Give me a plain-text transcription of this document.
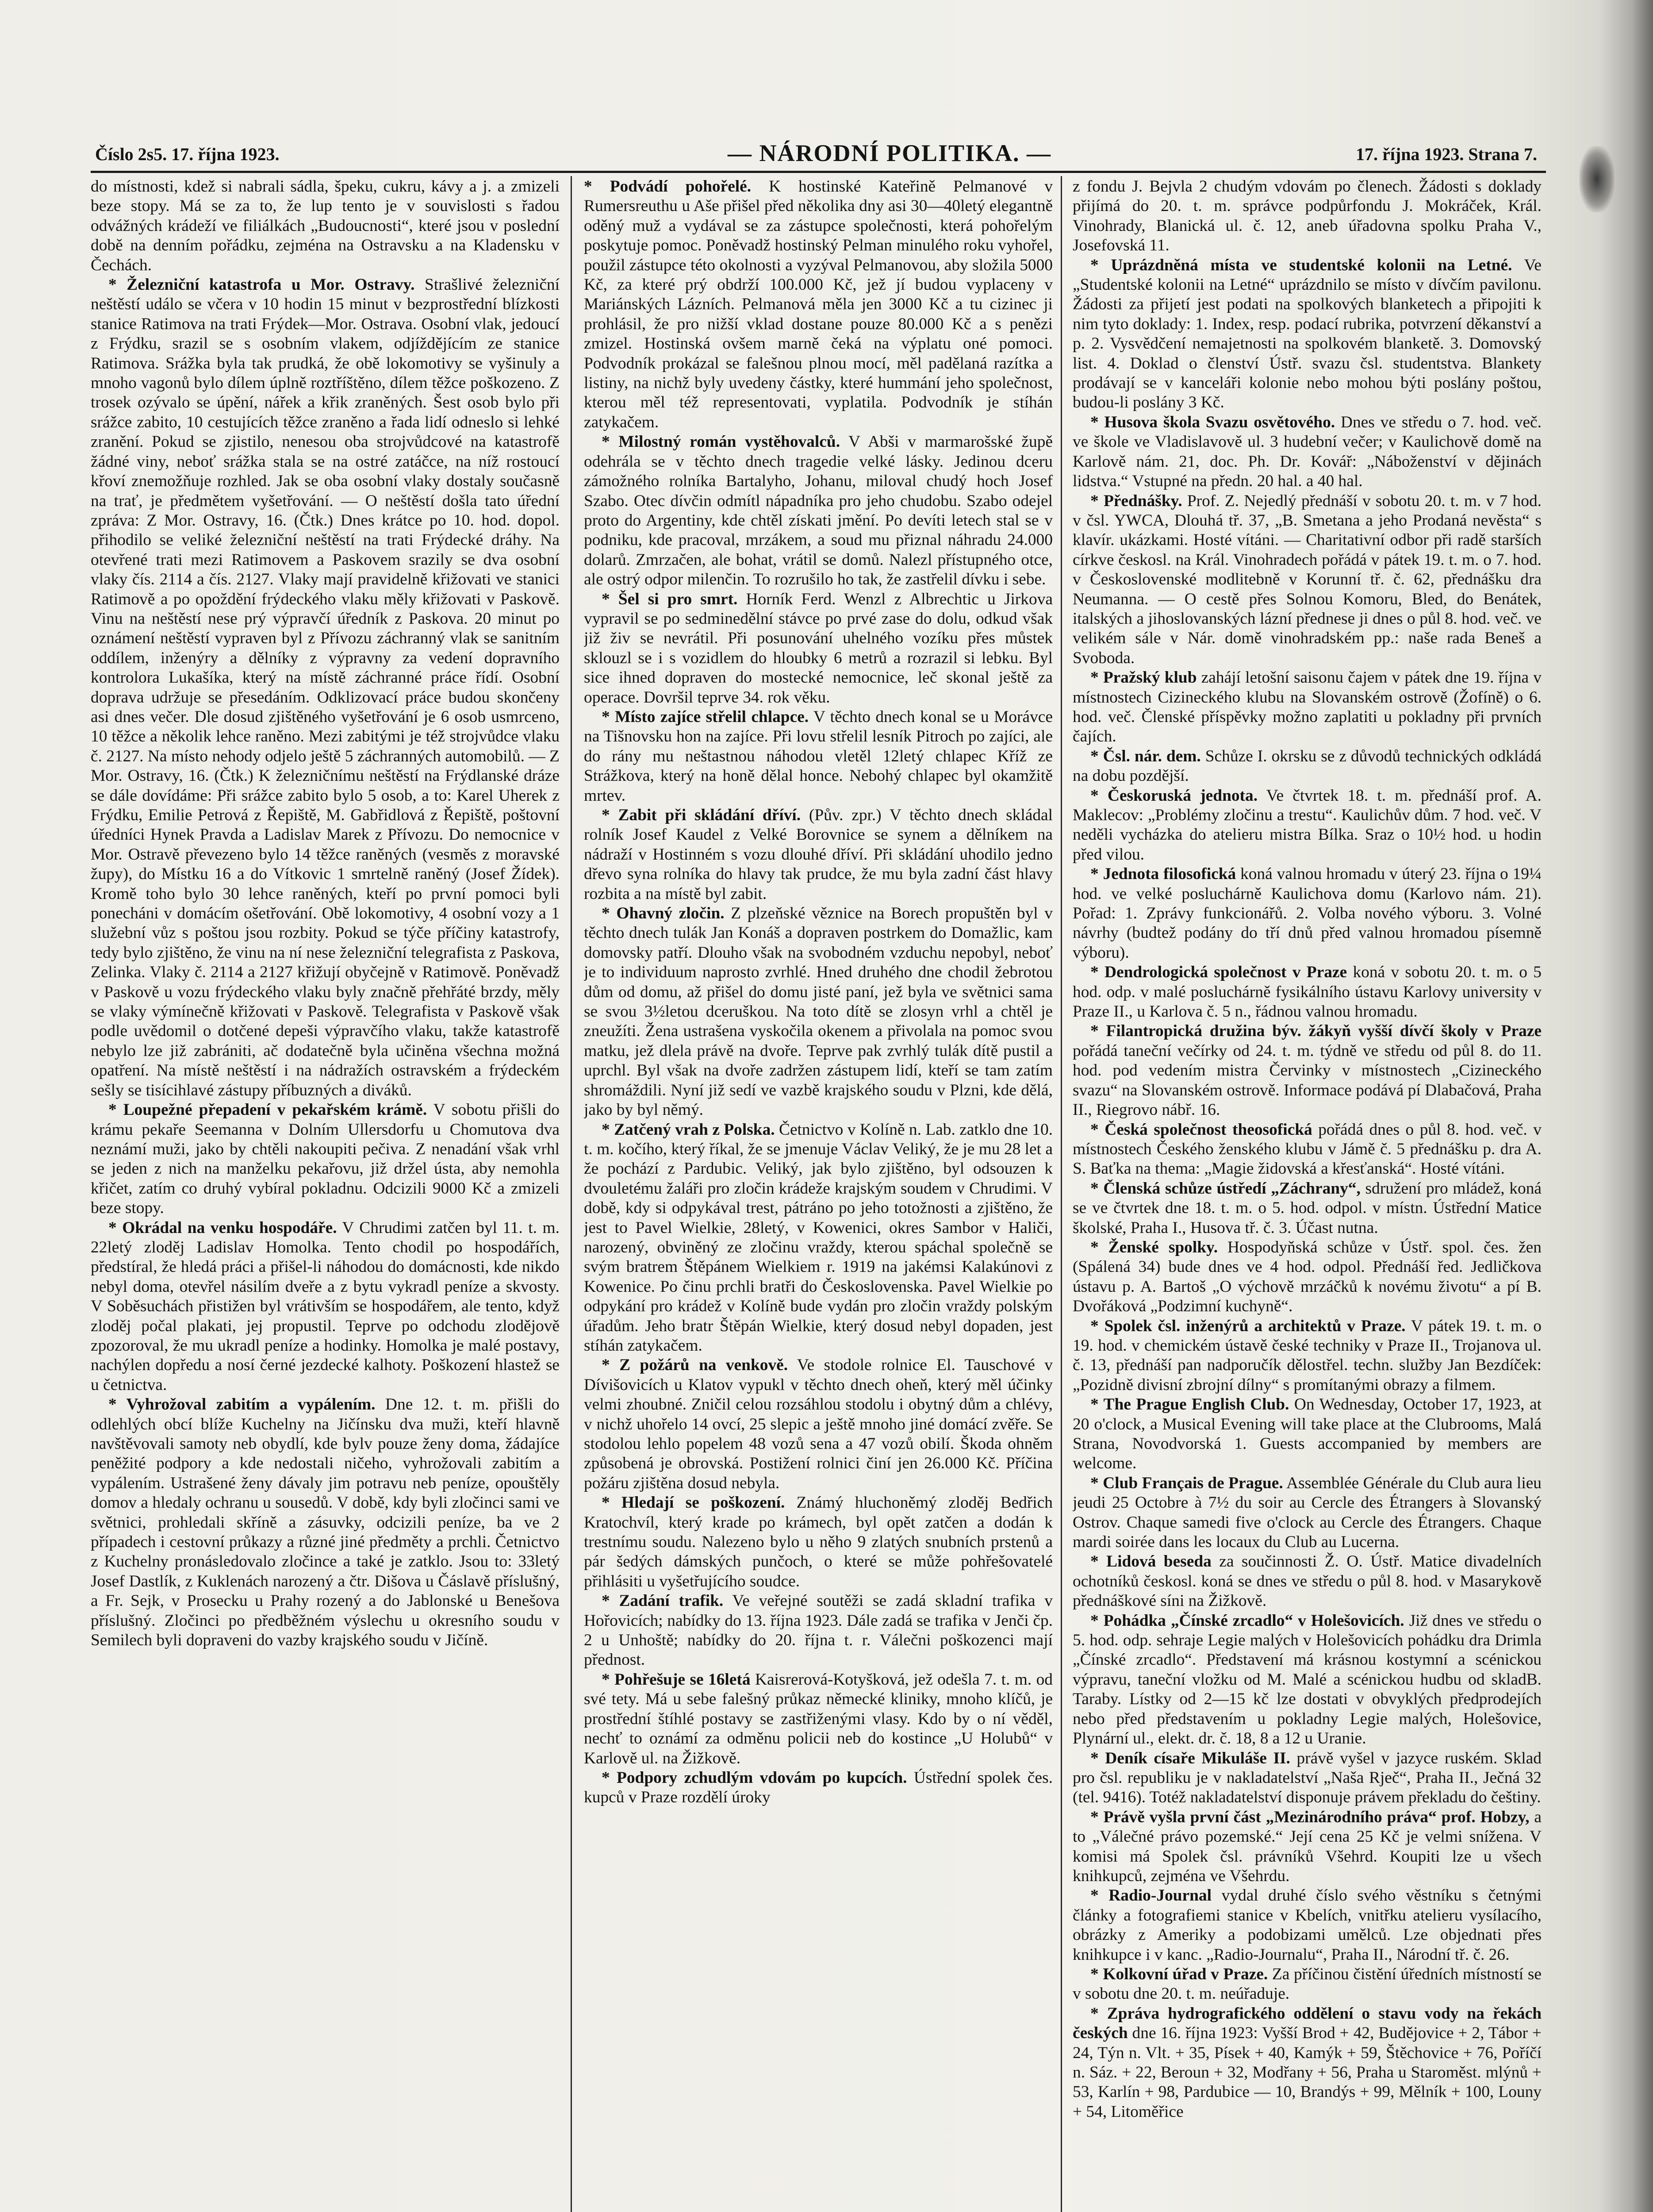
Číslo 2s5. 17. října 1923.	— NÁRODNÍ POLITIKA. —	17. října 1923. Strana 7.

do místnosti, kdež si nabrali sádla, špeku, cukru, kávy a j. a zmizeli beze stopy. Má se za to, že lup tento je v souvislosti s řadou odvážných krádeží ve filiálkách „Budoucnosti“, které jsou v poslední době na denním pořádku, zejména na Ostravsku a na Kladensku v Čechách.

* Železniční katastrofa u Mor. Ostravy. Strašlivé železniční neštěstí událo se včera v 10 hodin 15 minut v bezprostřední blízkosti stanice Ratimova na trati Frýdek—Mor. Ostrava. Osobní vlak, jedoucí z Frýdku, srazil se s osobním vlakem, odjíždějícím ze stanice Ratimova. Srážka byla tak prudká, že obě lokomotivy se vyšinuly a mnoho vagonů bylo dílem úplně roztříštěno, dílem těžce poškozeno. Z trosek ozývalo se úpění, nářek a křik zraněných. Šest osob bylo při srážce zabito, 10 cestujících těžce zraněno a řada lidí odneslo si lehké zranění. Pokud se zjistilo, nenesou oba strojvůdcové na katastrofě žádné viny, neboť srážka stala se na ostré zatáčce, na níž rostoucí křoví znemožňuje rozhled. Jak se oba osobní vlaky dostaly současně na trať, je předmětem vyšetřování. — O neštěstí došla tato úřední zpráva: Z Mor. Ostravy, 16. (Čtk.) Dnes krátce po 10. hod. dopol. přihodilo se veliké železniční neštěstí na trati Frýdecké dráhy. Na otevřené trati mezi Ratimovem a Paskovem srazily se dva osobní vlaky čís. 2114 a čís. 2127. Vlaky mají pravidelně křižovati ve stanici Ratimově a po opoždění frýdeckého vlaku měly křižovati v Paskově. Vinu na neštěstí nese prý výpravčí úředník z Paskova. 20 minut po oznámení neštěstí vypraven byl z Přívozu záchranný vlak se sanitním oddílem, inženýry a dělníky z výpravny za vedení dopravního kontrolora Lukašíka, který na místě záchranné práce řídí. Osobní doprava udržuje se přesedáním. Odklizovací práce budou skončeny asi dnes večer. Dle dosud zjištěného vyšetřování je 6 osob usmrceno, 10 těžce a několik lehce raněno. Mezi zabitými je též strojvůdce vlaku č. 2127. Na místo nehody odjelo ještě 5 záchranných automobilů. — Z Mor. Ostravy, 16. (Čtk.) K železničnímu neštěstí na Frýdlanské dráze se dále dovídáme: Při srážce zabito bylo 5 osob, a to: Karel Uherek z Frýdku, Emilie Petrová z Řepiště, M. Gabřidlová z Řepiště, poštovní úředníci Hynek Pravda a Ladislav Marek z Přívozu. Do nemocnice v Mor. Ostravě převezeno bylo 14 těžce raněných (vesměs z moravské župy), do Místku 16 a do Vítkovic 1 smrtelně raněný (Josef Žídek). Kromě toho bylo 30 lehce raněných, kteří po první pomoci byli ponecháni v domácím ošetřování. Obě lokomotivy, 4 osobní vozy a 1 služební vůz s poštou jsou rozbity. Pokud se týče příčiny katastrofy, tedy bylo zjištěno, že vinu na ní nese železniční telegrafista z Paskova, Zelinka. Vlaky č. 2114 a 2127 křižují obyčejně v Ratimově. Poněvadž v Paskově u vozu frýdeckého vlaku byly značně přehřáté brzdy, měly se vlaky výmínečně křižovati v Paskově. Telegrafista v Paskově však podle uvědomil o dotčené depeši výpravčího vlaku, takže katastrofě nebylo lze již zabrániti, ač dodatečně byla učiněna všechna možná opatření. Na místě neštěstí i na nádražích ostravském a frýdeckém sešly se tisícihlavé zástupy příbuzných a diváků.

* Loupežné přepadení v pekařském krámě. V sobotu přišli do krámu pekaře Seemanna v Dolním Ullersdorfu u Chomutova dva neznámí muži, jako by chtěli nakoupiti pečiva. Z nenadání však vrhl se jeden z nich na manželku pekařovu, již držel ústa, aby nemohla křičet, zatím co druhý vybíral pokladnu. Odcizili 9000 Kč a zmizeli beze stopy.

* Okrádal na venku hospodáře. V Chrudimi zatčen byl 11. t. m. 22letý zloděj Ladislav Homolka. Tento chodil po hospodářích, předstíral, že hledá práci a přišel-li náhodou do domácnosti, kde nikdo nebyl doma, otevřel násilím dveře a z bytu vykradl peníze a skvosty. V Soběsuchách přistižen byl vrátivším se hospodářem, ale tento, když zloděj počal plakati, jej propustil. Teprve po odchodu zlodějově zpozoroval, že mu ukradl peníze a hodinky. Homolka je malé postavy, nachýlen dopředu a nosí černé jezdecké kalhoty. Poškození hlastež se u četnictva.

* Vyhrožoval zabitím a vypálením. Dne 12. t. m. přišli do odlehlých obcí blíže Kuchelny na Jičínsku dva muži, kteří hlavně navštěvovali samoty neb obydlí, kde bylv pouze ženy doma, žádajíce peněžité podpory a kde nedostali ničeho, vyhrožovali zabitím a vypálením. Ustrašené ženy dávaly jim potravu neb peníze, opouštěly domov a hledaly ochranu u sousedů. V době, kdy byli zločinci sami ve světnici, prohledali skříně a zásuvky, odcizili peníze, ba ve 2 případech i cestovní průkazy a různé jiné předměty a prchli. Četnictvo z Kuchelny pronásledovalo zločince a také je zatklo. Jsou to: 33letý Josef Dastlík, z Kuklenách narozený a čtr. Dišova u Čáslavě příslušný, a Fr. Sejk, v Prosecku u Prahy rozený a do Jablonské u Benešova příslušný. Zločinci po předběžném výslechu u okresního soudu v Semilech byli dopraveni do vazby krajského soudu v Jičíně.

* Podvádí pohořelé. K hostinské Kateřině Pelmanové v Rumersreuthu u Aše přišel před několika dny asi 30—40letý elegantně oděný muž a vydával se za zástupce společnosti, která pohořelým poskytuje pomoc. Poněvadž hostinský Pelman minulého roku vyhořel, použil zástupce této okolnosti a vyzýval Pelmanovou, aby složila 5000 Kč, za které prý obdrží 100.000 Kč, jež jí budou vyplaceny v Mariánských Lázních. Pelmanová měla jen 3000 Kč a tu cizinec ji prohlásil, že pro nižší vklad dostane pouze 80.000 Kč a s penězi zmizel. Hostinská ovšem marně čeká na výplatu oné pomoci. Podvodník prokázal se falešnou plnou mocí, měl padělaná razítka a listiny, na nichž byly uvedeny částky, které hummání jeho společnost, kterou měl též representovati, vyplatila. Podvodník je stíhán zatykačem.

* Milostný román vystěhovalců. V Abši v marmarošské župě odehrála se v těchto dnech tragedie velké lásky. Jedinou dceru zámožného rolníka Bartalyho, Johanu, miloval chudý hoch Josef Szabo. Otec dívčin odmítl nápadníka pro jeho chudobu. Szabo odejel proto do Argentiny, kde chtěl získati jmění. Po devíti letech stal se v podniku, kde pracoval, mrzákem, a soud mu přiznal náhradu 24.000 dolarů. Zmrzačen, ale bohat, vrátil se domů. Nalezl přístupného otce, ale ostrý odpor milenčin. To rozrušilo ho tak, že zastřelil dívku i sebe.

* Šel si pro smrt. Horník Ferd. Wenzl z Albrechtic u Jirkova vypravil se po sedminedělní stávce po prvé zase do dolu, odkud však již živ se nevrátil. Při posunování uhelného vozíku přes můstek sklouzl se i s vozidlem do hloubky 6 metrů a rozrazil si lebku. Byl sice ihned dopraven do mostecké nemocnice, leč skonal ještě za operace. Dovršil teprve 34. rok věku.

* Místo zajíce střelil chlapce. V těchto dnech konal se u Morávce na Tišnovsku hon na zajíce. Při lovu střelil lesník Pitroch po zajíci, ale do rány mu neštastnou náhodou vletěl 12letý chlapec Kříž ze Strážkova, který na honě dělal honce. Nebohý chlapec byl okamžitě mrtev.

* Zabit při skládání dříví. (Pův. zpr.) V těchto dnech skládal rolník Josef Kaudel z Velké Borovnice se synem a dělníkem na nádraží v Hostinném s vozu dlouhé dříví. Při skládání uhodilo jedno dřevo syna rolníka do hlavy tak prudce, že mu byla zadní část hlavy rozbita a na místě byl zabit.

* Ohavný zločin. Z plzeňské věznice na Borech propuštěn byl v těchto dnech tulák Jan Konáš a dopraven postrkem do Domažlic, kam domovsky patří. Dlouho však na svobodném vzduchu nepobyl, neboť je to individuum naprosto zvrhlé. Hned druhého dne chodil žebrotou dům od domu, až přišel do domu jisté paní, jež byla ve světnici sama se svou 3½letou dceruškou. Na toto dítě se zlosyn vrhl a chtěl je zneužíti. Žena ustrašena vyskočila okenem a přivolala na pomoc svou matku, jež dlela právě na dvoře. Teprve pak zvrhlý tulák dítě pustil a uprchl. Byl však na dvoře zadržen zástupem lidí, kteří se tam zatím shromáždili. Nyní již sedí ve vazbě krajského soudu v Plzni, kde dělá, jako by byl němý.

* Zatčený vrah z Polska. Četnictvo v Kolíně n. Lab. zatklo dne 10. t. m. kočího, který říkal, že se jmenuje Václav Veliký, že je mu 28 let a že pochází z Pardubic. Veliký, jak bylo zjištěno, byl odsouzen k dvouletému žaláři pro zločin krádeže krajským soudem v Chrudimi. V době, kdy si odpykával trest, pátráno po jeho totožnosti a zjištěno, že jest to Pavel Wielkie, 28letý, v Kowenici, okres Sambor v Haliči, narozený, obviněný ze zločinu vraždy, kterou spáchal společně se svým bratrem Štěpánem Wielkiem r. 1919 na jakémsi Kalakúnovi z Kowenice. Po činu prchli bratři do Československa. Pavel Wielkie po odpykání pro krádež v Kolíně bude vydán pro zločin vraždy polským úřadům. Jeho bratr Štěpán Wielkie, který dosud nebyl dopaden, jest stíhán zatykačem.

* Z požárů na venkově. Ve stodole rolnice El. Tauschové v Dívišovicích u Klatov vypukl v těchto dnech oheň, který měl účinky velmi zhoubné. Zničil celou rozsáhlou stodolu i obytný dům a chlévy, v nichž uhořelo 14 ovcí, 25 slepic a ještě mnoho jiné domácí zvěře. Se stodolou lehlo popelem 48 vozů sena a 47 vozů obilí. Škoda ohněm způsobená je obrovská. Postižení rolnici činí jen 26.000 Kč. Příčina požáru zjištěna dosud nebyla.

* Hledají se poškození. Známý hluchoněmý zloděj Bedřich Kratochvíl, který krade po krámech, byl opět zatčen a dodán k trestnímu soudu. Nalezeno bylo u něho 9 zlatých snubních prstenů a pár šedých dámských punčoch, o které se může pohřešovatelé přihlásiti u vyšetřujícího soudce.

* Zadání trafik. Ve veřejné soutěži se zadá skladní trafika v Hořovicích; nabídky do 13. října 1923. Dále zadá se trafika v Jenči čp. 2 u Unhoště; nabídky do 20. října t. r. Válečni poškozenci mají přednost.

* Pohřešuje se 16letá Kaisrerová-Kotyšková, jež odešla 7. t. m. od své tety. Má u sebe falešný průkaz německé kliniky, mnoho klíčů, je prostřední štíhlé postavy se zastřiženými vlasy. Kdo by o ní věděl, nechť to oznámí za odměnu policii neb do kostince „U Holubů“ v Karlově ul. na Žižkově.

* Podpory zchudlým vdovám po kupcích. Ústřední spolek čes. kupců v Praze rozdělí úroky

z fondu J. Bejvla 2 chudým vdovám po členech. Žádosti s doklady přijímá do 20. t. m. správce podpůrfondu J. Mokráček, Král. Vinohrady, Blanická ul. č. 12, aneb úřadovna spolku Praha V., Josefovská 11.

* Uprázdněná místa ve studentské kolonii na Letné. Ve „Studentské kolonii na Letné“ uprázdnilo se místo v dívčím pavilonu. Žádosti za přijetí jest podati na spolkových blanketech a připojiti k nim tyto doklady: 1. Index, resp. podací rubrika, potvrzení děkanství a p. 2. Vysvědčení nemajetnosti na spolkovém blanketě. 3. Domovský list. 4. Doklad o členství Ústř. svazu čsl. studentstva. Blankety prodávají se v kanceláři kolonie nebo mohou býti poslány poštou, budou-li poslány 3 Kč.

* Husova škola Svazu osvětového. Dnes ve středu o 7. hod. več. ve škole ve Vladislavově ul. 3 hudební večer; v Kaulichově domě na Karlově nám. 21, doc. Ph. Dr. Kovář: „Náboženství v dějinách lidstva.“ Vstupné na předn. 20 hal. a 40 hal.

* Přednášky. Prof. Z. Nejedlý přednáší v sobotu 20. t. m. v 7 hod. v čsl. YWCA, Dlouhá tř. 37, „B. Smetana a jeho Prodaná nevěsta“ s klavír. ukázkami. Hosté vítáni. — Charitativní odbor při radě starších církve českosl. na Král. Vinohradech pořádá v pátek 19. t. m. o 7. hod. v Československé modlitebně v Korunní tř. č. 62, přednášku dra Neumanna. — O cestě přes Solnou Komoru, Bled, do Benátek, italských a jihoslovanských lázní přednese ji dnes o půl 8. hod. več. ve velikém sále v Nár. domě vinohradském pp.: naše rada Beneš a Svoboda.

* Pražský klub zahájí letošní saisonu čajem v pátek dne 19. října v místnostech Cizineckého klubu na Slovanském ostrově (Žofíně) o 6. hod. več. Členské příspěvky možno zaplatiti u pokladny při prvních čajích.

* Čsl. nár. dem. Schůze I. okrsku se z důvodů technických odkládá na dobu pozdější.

* Českoruská jednota. Ve čtvrtek 18. t. m. přednáší prof. A. Maklecov: „Problémy zločinu a trestu“. Kaulichův dům. 7 hod. več. V neděli vycházka do atelieru mistra Bílka. Sraz o 10½ hod. u hodin před vilou.

* Jednota filosofická koná valnou hromadu v úterý 23. října o 19¼ hod. ve velké posluchárně Kaulichova domu (Karlovo nám. 21). Pořad: 1. Zprávy funkcionářů. 2. Volba nového výboru. 3. Volné návrhy (budtež podány do tří dnů před valnou hromadou písemně výboru).

* Dendrologická společnost v Praze koná v sobotu 20. t. m. o 5 hod. odp. v malé posluchárně fysikálního ústavu Karlovy university v Praze II., u Karlova č. 5 n., řádnou valnou hromadu.

* Filantropická družina býv. žákyň vyšší dívčí školy v Praze pořádá taneční večírky od 24. t. m. týdně ve středu od půl 8. do 11. hod. pod vedením mistra Červinky v místnostech „Cizineckého svazu“ na Slovanském ostrově. Informace podává pí Dlabačová, Praha II., Riegrovo nábř. 16.

* Česká společnost theosofická pořádá dnes o půl 8. hod. več. v místnostech Českého ženského klubu v Jámě č. 5 přednášku p. dra A. S. Baťka na thema: „Magie židovská a křesťanská“. Hosté vítáni.

* Členská schůze ústředí „Záchrany“, sdružení pro mládež, koná se ve čtvrtek dne 18. t. m. o 5. hod. odpol. v místn. Ústřední Matice školské, Praha I., Husova tř. č. 3. Účast nutna.

* Ženské spolky. Hospodyňská schůze v Ústř. spol. čes. žen (Spálená 34) bude dnes ve 4 hod. odpol. Přednáší řed. Jedličkova ústavu p. A. Bartoš „O výchově mrzáčků k novému životu“ a pí B. Dvořáková „Podzimní kuchyně“.

* Spolek čsl. inženýrů a architektů v Praze. V pátek 19. t. m. o 19. hod. v chemickém ústavě české techniky v Praze II., Trojanova ul. č. 13, přednáší pan nadporučík dělostřel. techn. služby Jan Bezdíček: „Pozidně divisní zbrojní dílny“ s promítanými obrazy a filmem.

* The Prague English Club. On Wednesday, October 17, 1923, at 20 o'clock, a Musical Evening will take place at the Clubrooms, Malá Strana, Novodvorská 1. Guests accompanied by members are welcome.

* Club Français de Prague. Assemblée Générale du Club aura lieu jeudi 25 Octobre à 7½ du soir au Cercle des Étrangers à Slovanský Ostrov. Chaque samedi five o'clock au Cercle des Étrangers. Chaque mardi soirée dans les locaux du Club au Lucerna.

* Lidová beseda za součinnosti Ž. O. Ústř. Matice divadelních ochotníků českosl. koná se dnes ve středu o půl 8. hod. v Masarykově přednáškové síni na Žižkově.

* Pohádka „Čínské zrcadlo“ v Holešovicích. Již dnes ve středu o 5. hod. odp. sehraje Legie malých v Holešovicích pohádku dra Drimla „Čínské zrcadlo“. Představení má krásnou kostymní a scénickou výpravu, taneční vložku od M. Malé a scénickou hudbu od skladB. Taraby. Lístky od 2—15 kč lze dostati v obvyklých předprodejích nebo před představením u pokladny Legie malých, Holešovice, Plynární ul., elekt. dr. č. 18, 8 a 12 u Uranie.

* Deník císaře Mikuláše II. právě vyšel v jazyce ruském. Sklad pro čsl. republiku je v nakladatelství „Naša Rječ“, Praha II., Ječná 32 (tel. 9416). Totéž nakladatelství disponuje právem překladu do češtiny.

* Právě vyšla první část „Mezinárodního práva“ prof. Hobzy, a to „Válečné právo pozemské.“ Její cena 25 Kč je velmi snížena. V komisi má Spolek čsl. právníků Všehrd. Koupiti lze u všech knihkupců, zejména ve Všehrdu.

* Radio-Journal vydal druhé číslo svého věstníku s četnými články a fotografiemi stanice v Kbelích, vnitřku atelieru vysílacího, obrázky z Ameriky a podobizami umělců. Lze objednati přes knihkupce i v kanc. „Radio-Journalu“, Praha II., Národní tř. č. 26.

* Kolkovní úřad v Praze. Za příčinou čistění úředních místností se v sobotu dne 20. t. m. neúřaduje.

* Zpráva hydrografického oddělení o stavu vody na řekách českých dne 16. října 1923: Vyšší Brod + 42, Budějovice + 2, Tábor + 24, Týn n. Vlt. + 35, Písek + 40, Kamýk + 59, Štěchovice + 76, Poříčí n. Sáz. + 22, Beroun + 32, Modřany + 56, Praha u Staroměst. mlýnů + 53, Karlín + 98, Pardubice — 10, Brandýs + 99, Mělník + 100, Louny + 54, Litoměřice
